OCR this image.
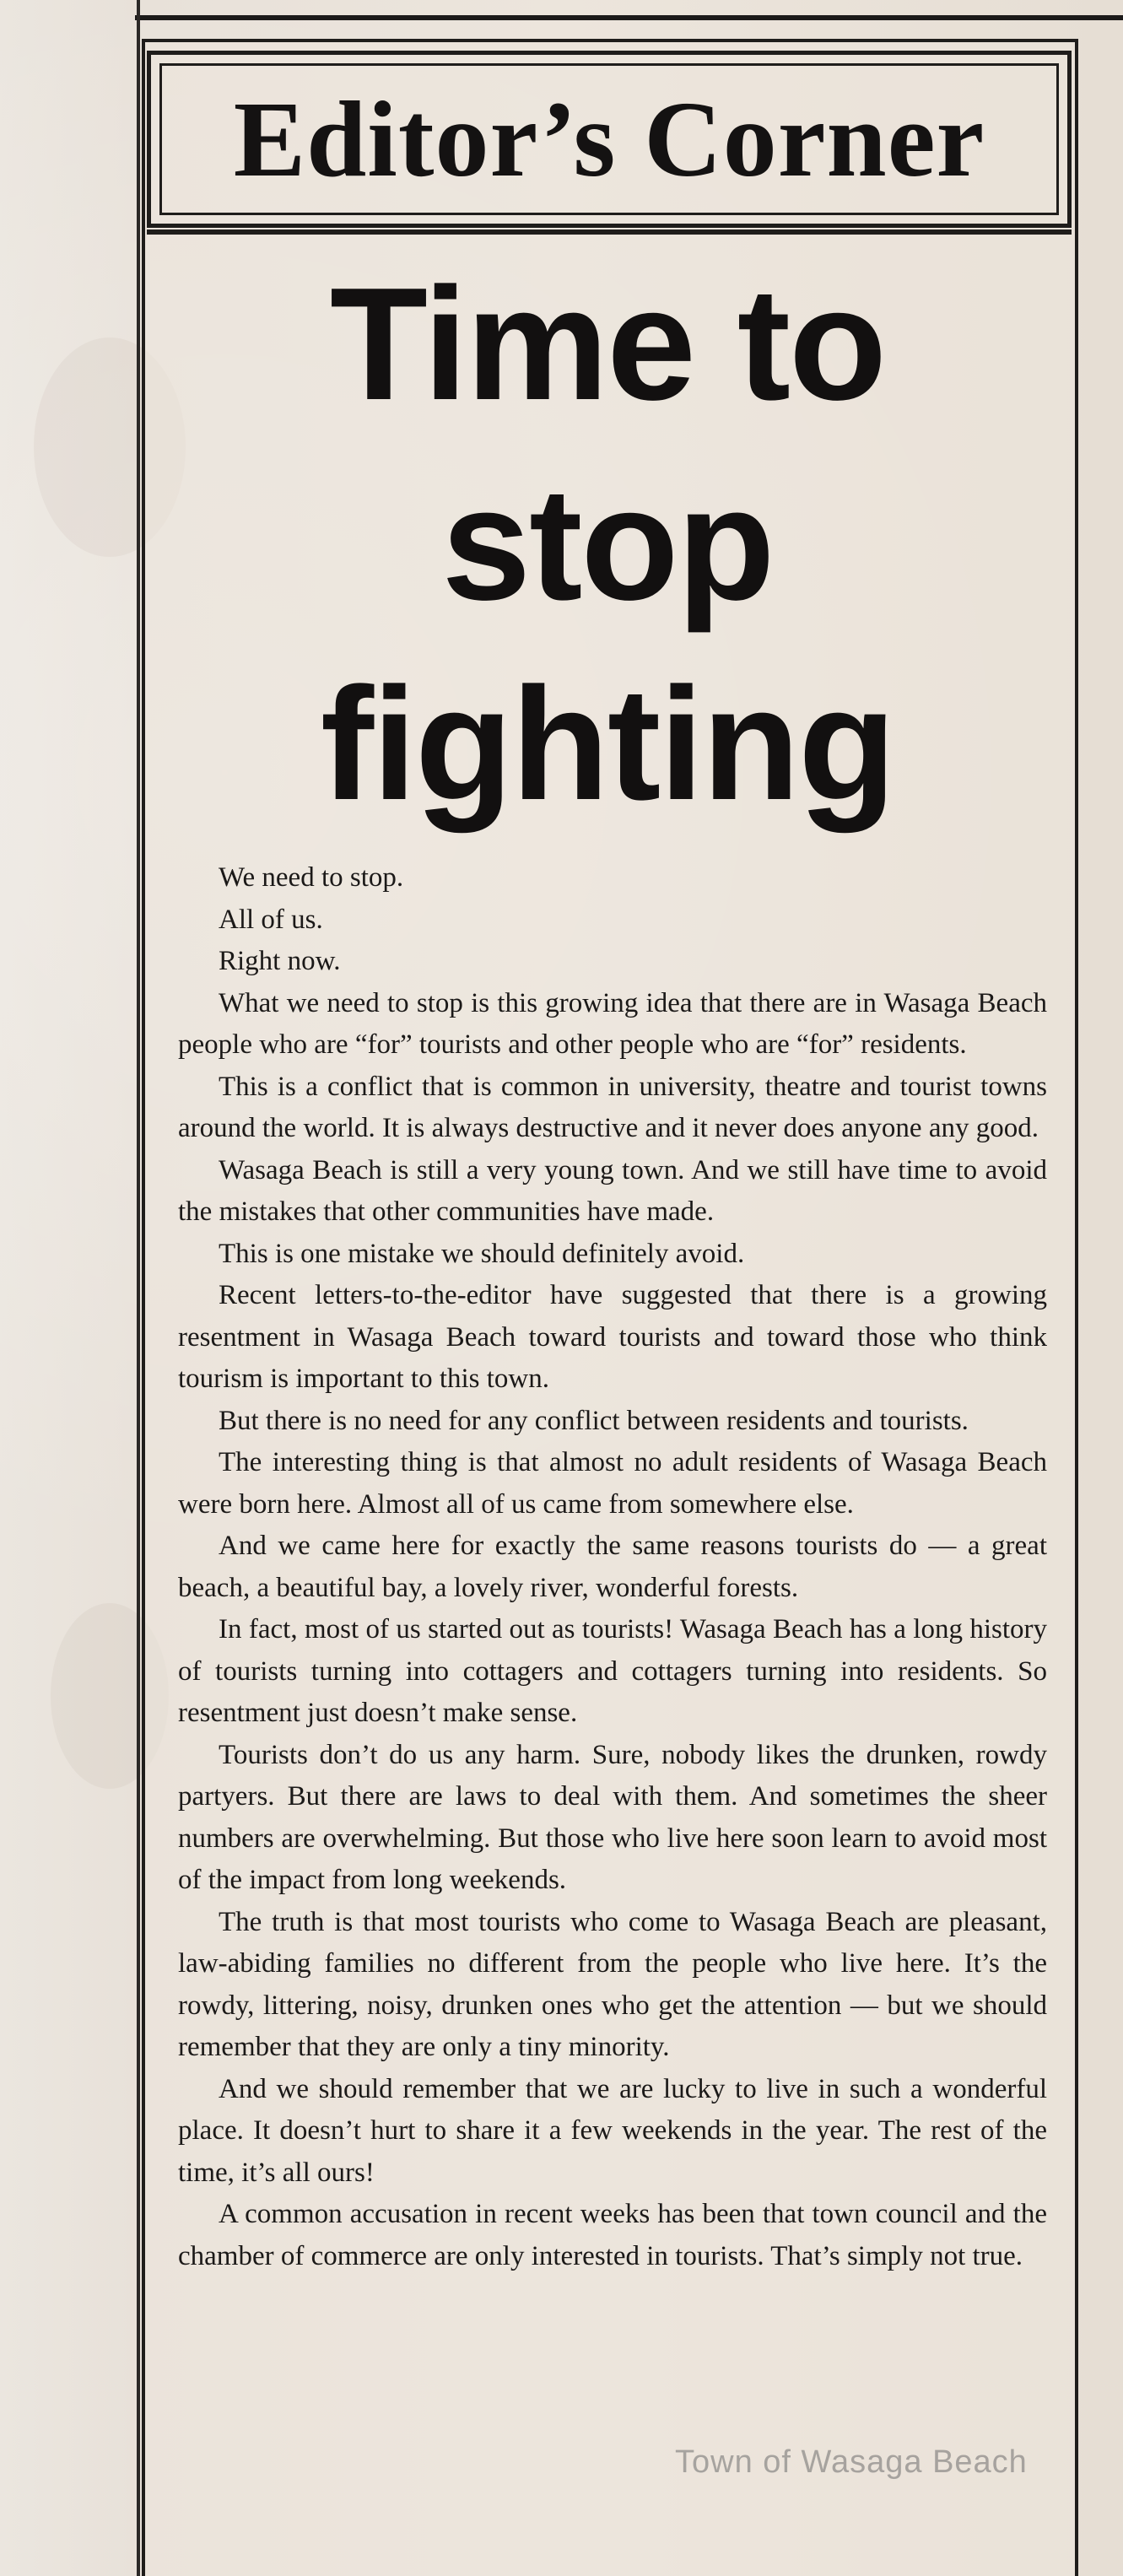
Editor’s Corner
Time to
stop
fighting

We need to stop.

All of us.

Right now.

What we need to stop is this growing idea that there are in Wasaga Beach people who are “for” tourists and other people who are “for” residents.

This is a conflict that is common in university, theatre and tourist towns around the world. It is always destructive and it never does anyone any good.

Wasaga Beach is still a very young town. And we still have time to avoid the mistakes that other communities have made.

This is one mistake we should definitely avoid.

Recent letters-to-the-editor have suggested that there is a growing resentment in Wasaga Beach toward tourists and toward those who think tourism is important to this town.

But there is no need for any conflict between residents and tourists.

The interesting thing is that almost no adult residents of Wasaga Beach were born here. Almost all of us came from somewhere else.

And we came here for exactly the same reasons tourists do — a great beach, a beautiful bay, a lovely river, wonderful forests.

In fact, most of us started out as tourists! Wasaga Beach has a long history of tourists turning into cottagers and cottagers turning into residents. So resentment just doesn’t make sense.

Tourists don’t do us any harm. Sure, nobody likes the drunken, rowdy partyers. But there are laws to deal with them. And sometimes the sheer numbers are overwhelming. But those who live here soon learn to avoid most of the impact from long weekends.

The truth is that most tourists who come to Wasaga Beach are pleasant, law-abiding families no different from the people who live here. It’s the rowdy, littering, noisy, drunken ones who get the attention — but we should remember that they are only a tiny minority.

And we should remember that we are lucky to live in such a wonderful place. It doesn’t hurt to share it a few weekends in the year. The rest of the time, it’s all ours!

A common accusation in recent weeks has been that town council and the chamber of commerce are only interested in tourists. That’s simply not true.

Town of Wasaga Beach
